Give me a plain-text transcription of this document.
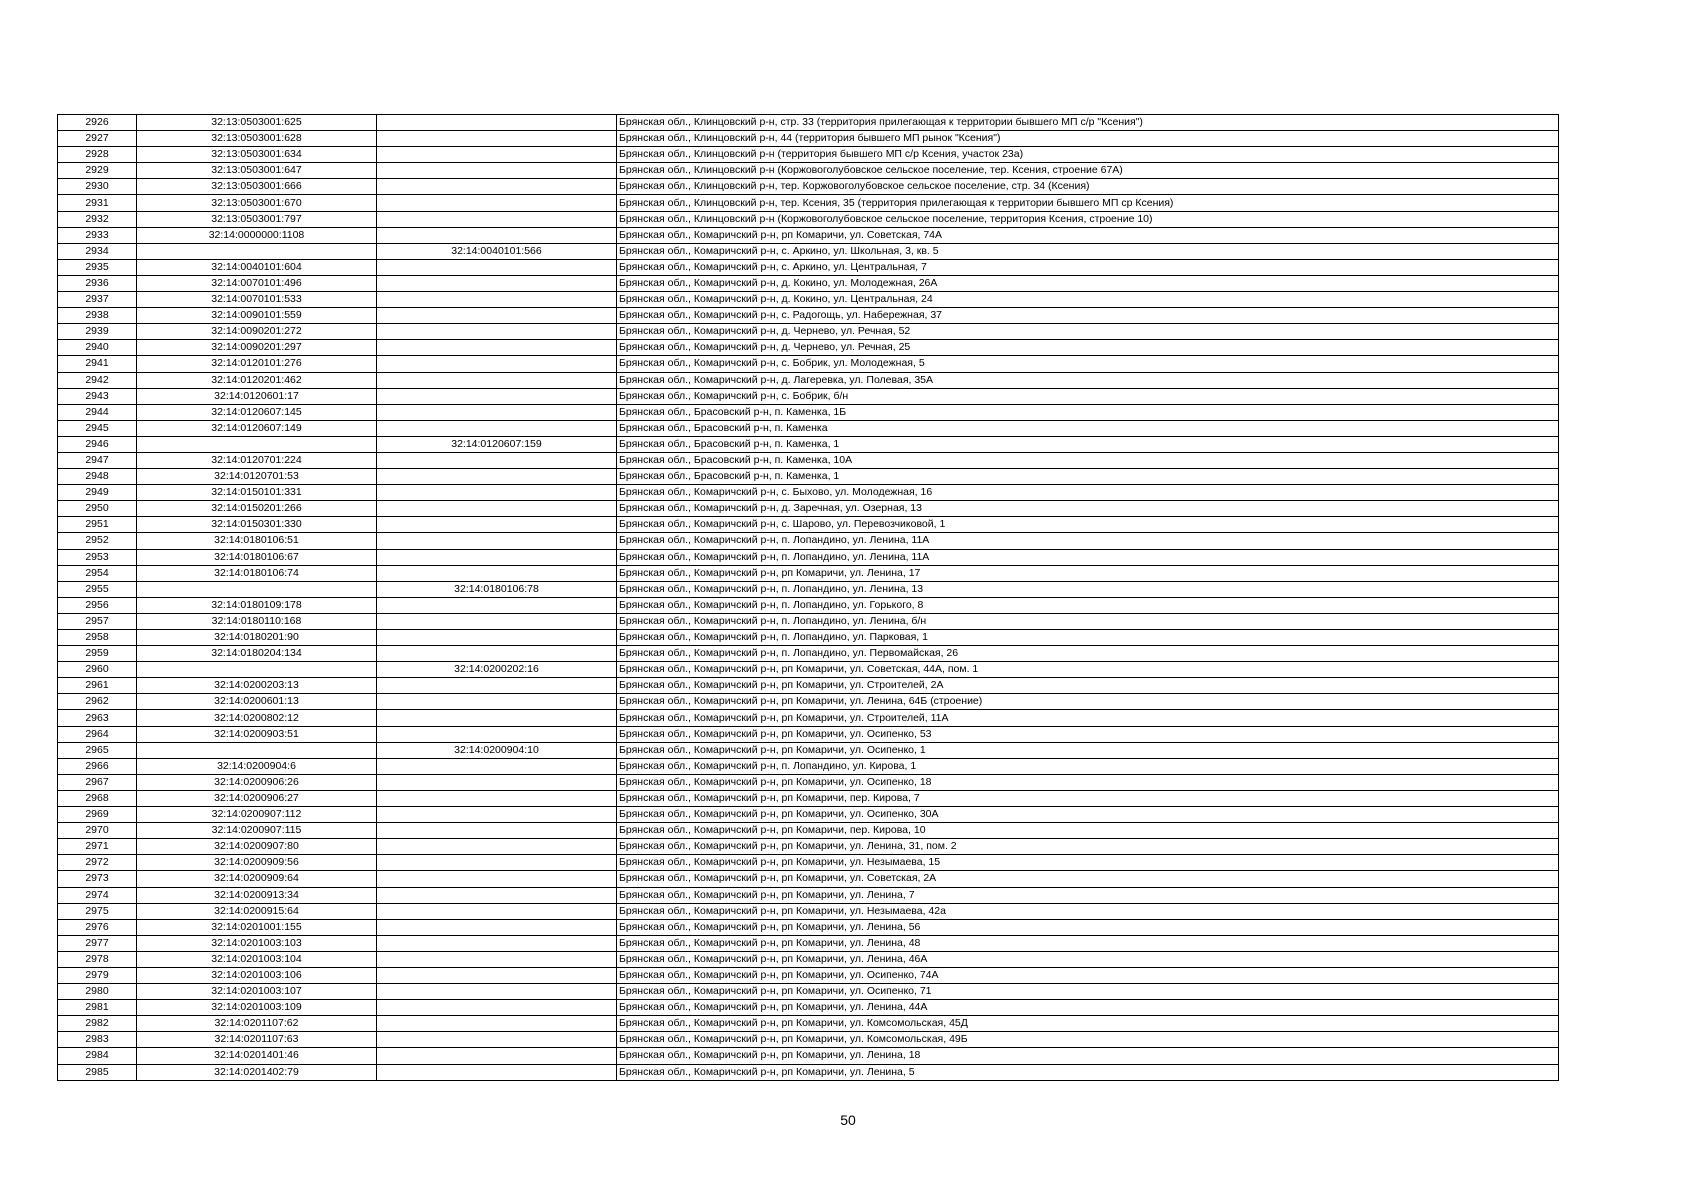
2926	32:13:0503001:625		Брянская обл., Клинцовский р-н, стр. 33 (территория прилегающая к территории бывшего МП с/р "Ксения")
2927	32:13:0503001:628		Брянская обл., Клинцовский р-н, 44 (территория бывшего МП рынок "Ксения")
2928	32:13:0503001:634		Брянская обл., Клинцовский р-н (территория бывшего МП с/р Ксения, участок 23а)
2929	32:13:0503001:647		Брянская обл., Клинцовский р-н (Коржовоголубовское сельское поселение, тер. Ксения, строение 67А)
2930	32:13:0503001:666		Брянская обл., Клинцовский р-н, тер. Коржовоголубовское сельское поселение, стр. 34 (Ксения)
2931	32:13:0503001:670		Брянская обл., Клинцовский р-н, тер. Ксения, 35 (территория прилегающая к территории бывшего МП ср Ксения)
2932	32:13:0503001:797		Брянская обл., Клинцовский р-н (Коржовоголубовское сельское поселение, территория Ксения, строение 10)
2933	32:14:0000000:1108		Брянская обл., Комаричский р-н, рп Комаричи, ул. Советская, 74А
2934		32:14:0040101:566	Брянская обл., Комаричский р-н, с. Аркино, ул. Школьная, 3, кв. 5
2935	32:14:0040101:604		Брянская обл., Комаричский р-н, с. Аркино, ул. Центральная, 7
2936	32:14:0070101:496		Брянская обл., Комаричский р-н, д. Кокино, ул. Молодежная, 26А
2937	32:14:0070101:533		Брянская обл., Комаричский р-н, д. Кокино, ул. Центральная, 24
2938	32:14:0090101:559		Брянская обл., Комаричский р-н, с. Радогощь, ул. Набережная, 37
2939	32:14:0090201:272		Брянская обл., Комаричский р-н, д. Чернево, ул. Речная, 52
2940	32:14:0090201:297		Брянская обл., Комаричский р-н, д. Чернево, ул. Речная, 25
2941	32:14:0120101:276		Брянская обл., Комаричский р-н, с. Бобрик, ул. Молодежная, 5
2942	32:14:0120201:462		Брянская обл., Комаричский р-н, д. Лагеревка, ул. Полевая, 35А
2943	32:14:0120601:17		Брянская обл., Комаричский р-н, с. Бобрик, б/н
2944	32:14:0120607:145		Брянская обл., Брасовский р-н, п. Каменка, 1Б
2945	32:14:0120607:149		Брянская обл., Брасовский р-н, п. Каменка
2946		32:14:0120607:159	Брянская обл., Брасовский р-н, п. Каменка, 1
2947	32:14:0120701:224		Брянская обл., Брасовский р-н, п. Каменка, 10А
2948	32:14:0120701:53		Брянская обл., Брасовский р-н, п. Каменка, 1
2949	32:14:0150101:331		Брянская обл., Комаричский р-н, с. Быхово, ул. Молодежная, 16
2950	32:14:0150201:266		Брянская обл., Комаричский р-н, д. Заречная, ул. Озерная, 13
2951	32:14:0150301:330		Брянская обл., Комаричский р-н, с. Шарово, ул. Перевозчиковой, 1
2952	32:14:0180106:51		Брянская обл., Комаричский р-н, п. Лопандино, ул. Ленина, 11А
2953	32:14:0180106:67		Брянская обл., Комаричский р-н, п. Лопандино, ул. Ленина, 11А
2954	32:14:0180106:74		Брянская обл., Комаричский р-н, рп Комаричи, ул. Ленина, 17
2955		32:14:0180106:78	Брянская обл., Комаричский р-н, п. Лопандино, ул. Ленина, 13
2956	32:14:0180109:178		Брянская обл., Комаричский р-н, п. Лопандино, ул. Горького, 8
2957	32:14:0180110:168		Брянская обл., Комаричский р-н, п. Лопандино, ул. Ленина, б/н
2958	32:14:0180201:90		Брянская обл., Комаричский р-н, п. Лопандино, ул. Парковая, 1
2959	32:14:0180204:134		Брянская обл., Комаричский р-н, п. Лопандино, ул. Первомайская, 26
2960		32:14:0200202:16	Брянская обл., Комаричский р-н, рп Комаричи, ул. Советская, 44А, пом. 1
2961	32:14:0200203:13		Брянская обл., Комаричский р-н, рп Комаричи, ул. Строителей, 2А
2962	32:14:0200601:13		Брянская обл., Комаричский р-н, рп Комаричи, ул. Ленина, 64Б (строение)
2963	32:14:0200802:12		Брянская обл., Комаричский р-н, рп Комаричи, ул. Строителей, 11А
2964	32:14:0200903:51		Брянская обл., Комаричский р-н, рп Комаричи, ул. Осипенко, 53
2965		32:14:0200904:10	Брянская обл., Комаричский р-н, рп Комаричи, ул. Осипенко, 1
2966	32:14:0200904:6		Брянская обл., Комаричский р-н, п. Лопандино, ул. Кирова, 1
2967	32:14:0200906:26		Брянская обл., Комаричский р-н, рп Комаричи, ул. Осипенко, 18
2968	32:14:0200906:27		Брянская обл., Комаричский р-н, рп Комаричи, пер. Кирова, 7
2969	32:14:0200907:112		Брянская обл., Комаричский р-н, рп Комаричи, ул. Осипенко, 30А
2970	32:14:0200907:115		Брянская обл., Комаричский р-н, рп Комаричи, пер. Кирова, 10
2971	32:14:0200907:80		Брянская обл., Комаричский р-н, рп Комаричи, ул. Ленина, 31, пом. 2
2972	32:14:0200909:56		Брянская обл., Комаричский р-н, рп Комаричи, ул. Незымаева, 15
2973	32:14:0200909:64		Брянская обл., Комаричский р-н, рп Комаричи, ул. Советская, 2А
2974	32:14:0200913:34		Брянская обл., Комаричский р-н, рп Комаричи, ул. Ленина, 7
2975	32:14:0200915:64		Брянская обл., Комаричский р-н, рп Комаричи, ул. Незымаева, 42а
2976	32:14:0201001:155		Брянская обл., Комаричский р-н, рп Комаричи, ул. Ленина, 56
2977	32:14:0201003:103		Брянская обл., Комаричский р-н, рп Комаричи, ул. Ленина, 48
2978	32:14:0201003:104		Брянская обл., Комаричский р-н, рп Комаричи, ул. Ленина, 46А
2979	32:14:0201003:106		Брянская обл., Комаричский р-н, рп Комаричи, ул. Осипенко, 74А
2980	32:14:0201003:107		Брянская обл., Комаричский р-н, рп Комаричи, ул. Осипенко, 71
2981	32:14:0201003:109		Брянская обл., Комаричский р-н, рп Комаричи, ул. Ленина, 44А
2982	32:14:0201107:62		Брянская обл., Комаричский р-н, рп Комаричи, ул. Комсомольская, 45Д
2983	32:14:0201107:63		Брянская обл., Комаричский р-н, рп Комаричи, ул. Комсомольская, 49Б
2984	32:14:0201401:46		Брянская обл., Комаричский р-н, рп Комаричи, ул. Ленина, 18
2985	32:14:0201402:79		Брянская обл., Комаричский р-н, рп Комаричи, ул. Ленина, 5
50
